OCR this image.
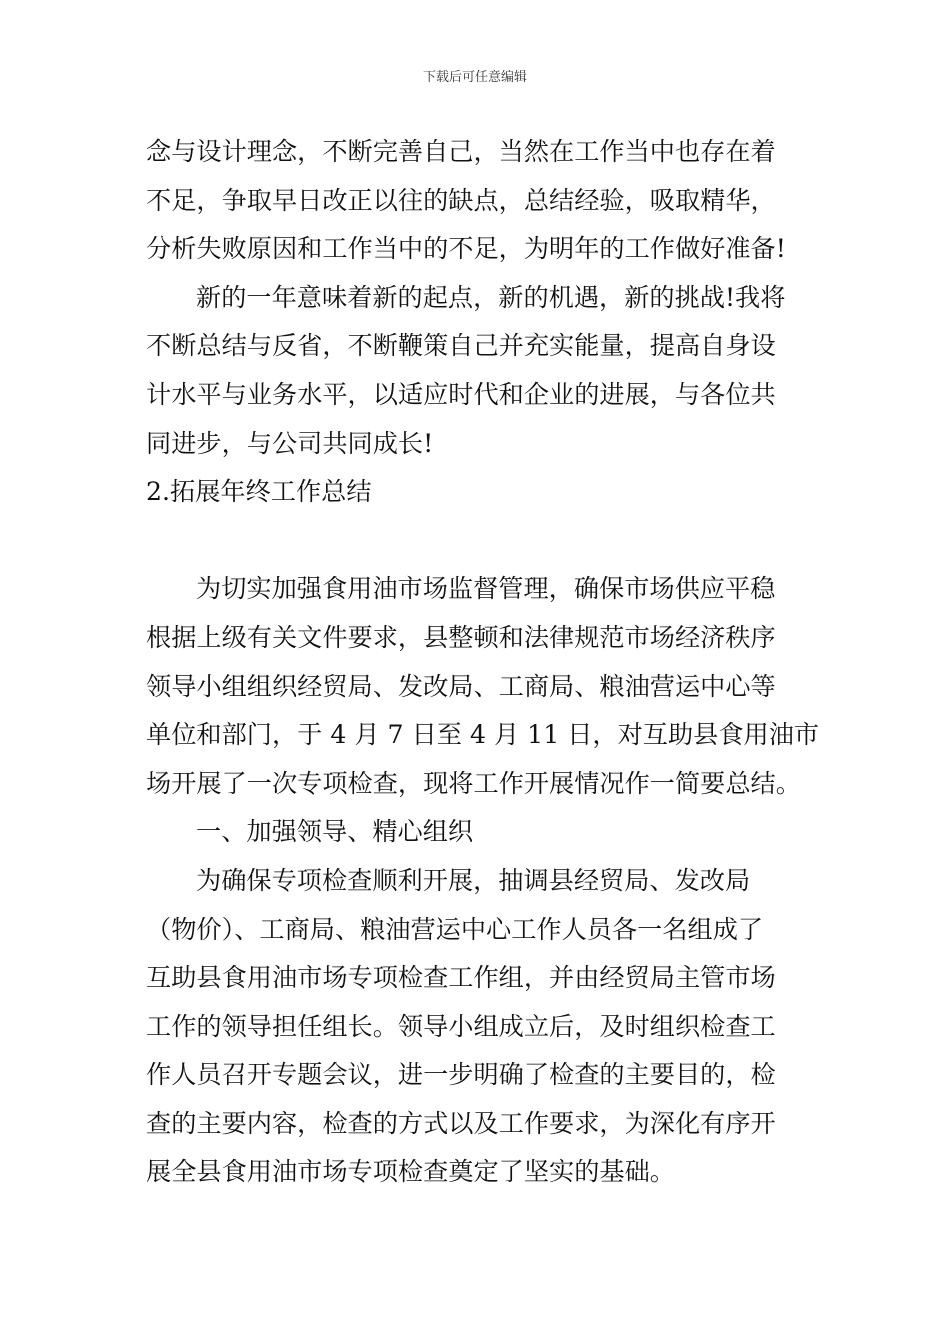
下载后可任意编辑
念与设计理念，不断完善自己，当然在工作当中也存在着
不足，争取早日改正以往的缺点，总结经验，吸取精华，
分析失败原因和工作当中的不足，为明年的工作做好准备!
新的一年意味着新的起点，新的机遇，新的挑战!我将
不断总结与反省，不断鞭策自己并充实能量，提高自身设
计水平与业务水平，以适应时代和企业的进展，与各位共
同进步，与公司共同成长!
2.拓展年终工作总结
为切实加强食用油市场监督管理，确保市场供应平稳
根据上级有关文件要求，县整顿和法律规范市场经济秩序
领导小组组织经贸局、发改局、工商局、粮油营运中心等
单位和部门，于 4 月 7 日至 4 月 11 日，对互助县食用油市
场开展了一次专项检查，现将工作开展情况作一简要总结。
一、加强领导、精心组织
为确保专项检查顺利开展，抽调县经贸局、发改局
（物价）、工商局、粮油营运中心工作人员各一名组成了
互助县食用油市场专项检查工作组，并由经贸局主管市场
工作的领导担任组长。领导小组成立后，及时组织检查工
作人员召开专题会议，进一步明确了检查的主要目的，检
查的主要内容，检查的方式以及工作要求，为深化有序开
展全县食用油市场专项检查奠定了坚实的基础。
